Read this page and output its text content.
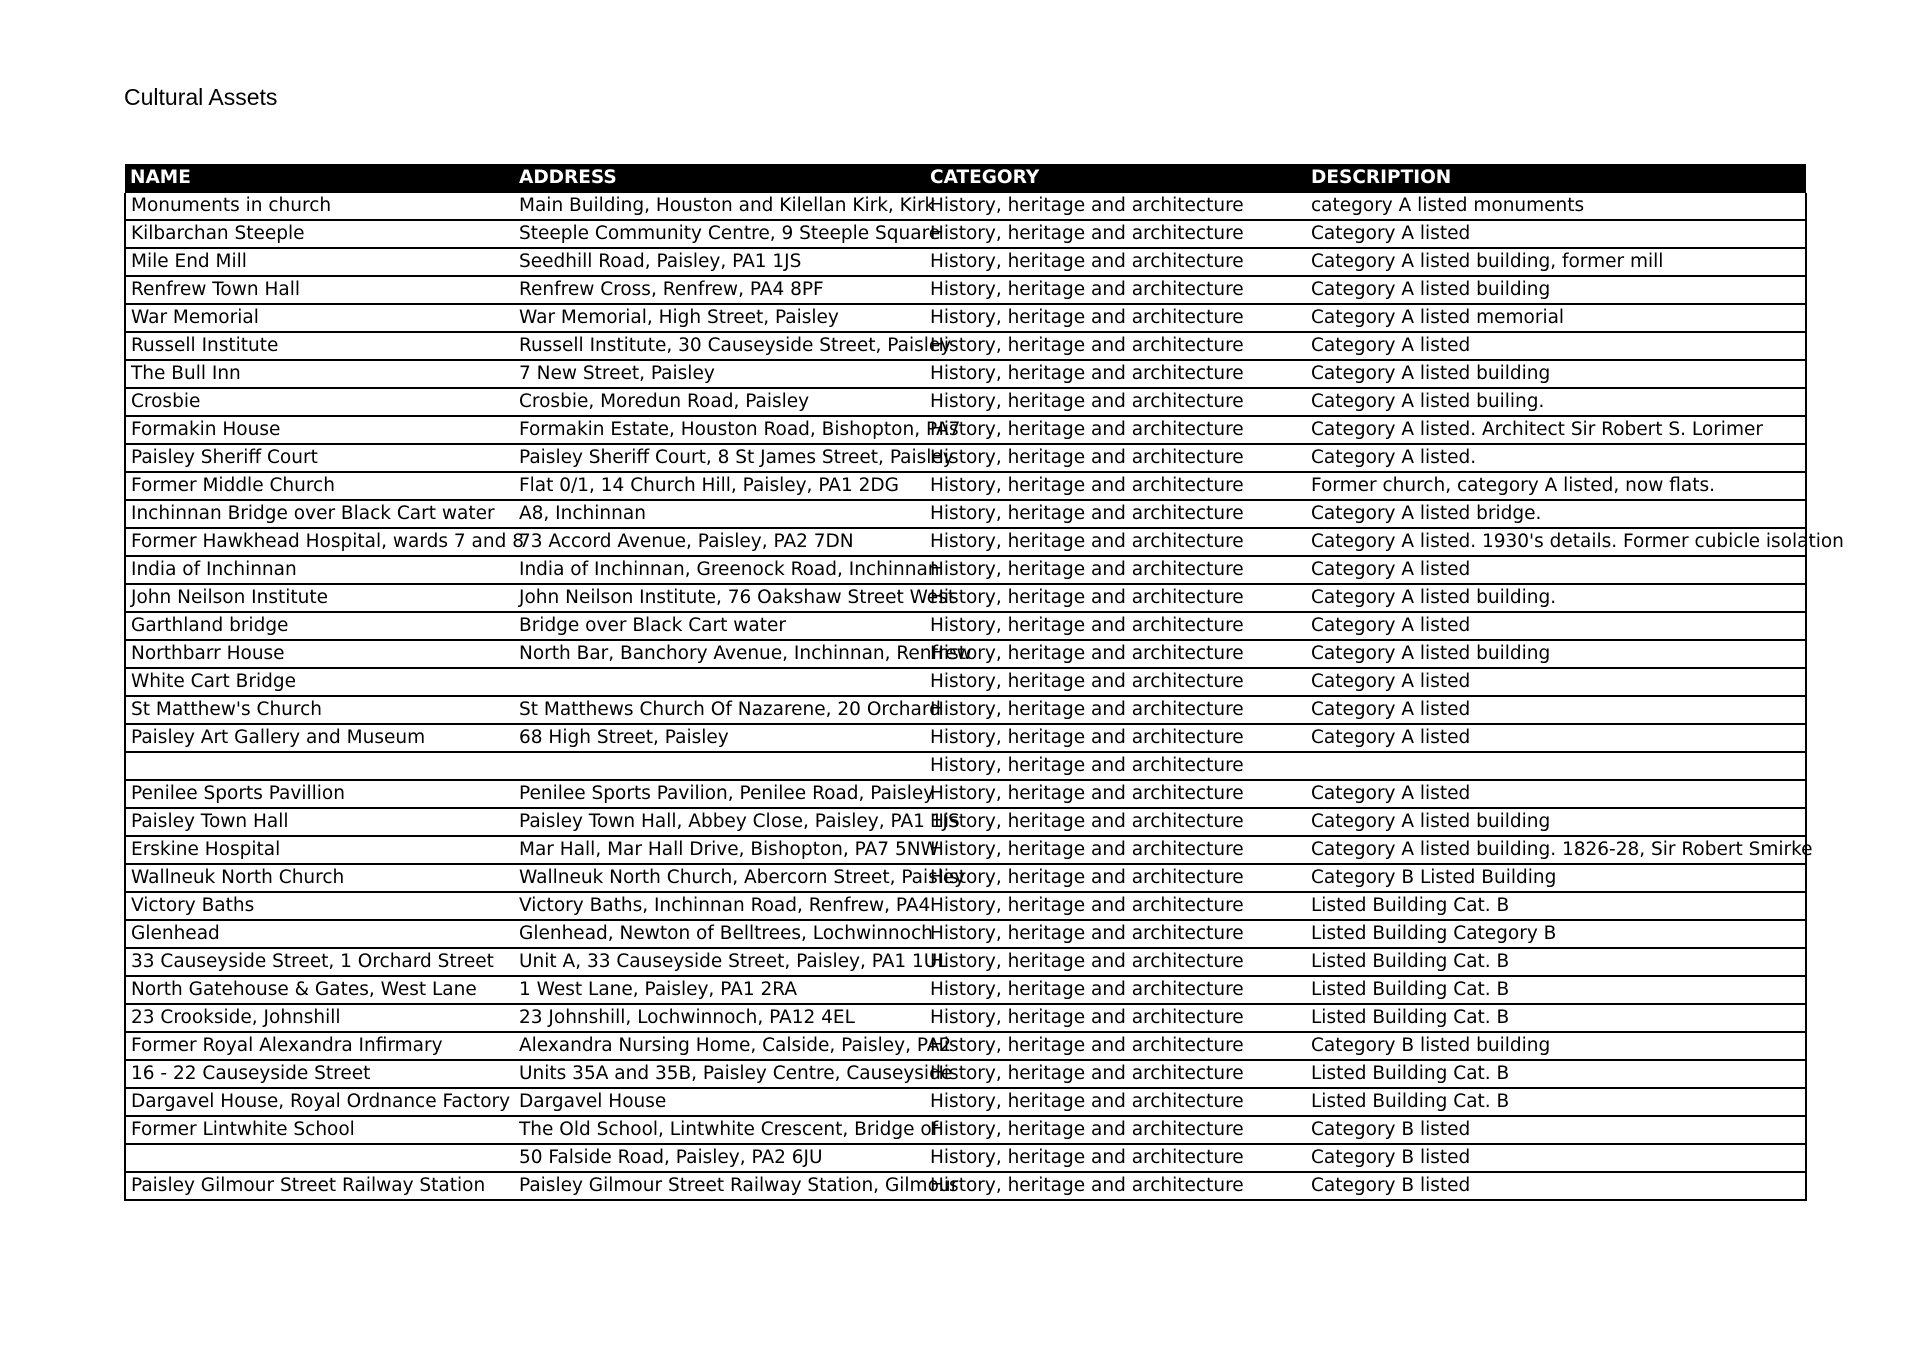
Cultural Assets
NAME	ADDRESS	CATEGORY	DESCRIPTION
Monuments in church	Main Building, Houston and Kilellan Kirk, Kirk	History, heritage and architecture	category A listed monuments
Kilbarchan Steeple	Steeple Community Centre, 9 Steeple Square	History, heritage and architecture	Category A listed
Mile End Mill	Seedhill Road, Paisley, PA1 1JS	History, heritage and architecture	Category A listed building, former mill
Renfrew Town Hall	Renfrew Cross, Renfrew, PA4 8PF	History, heritage and architecture	Category A listed building
War Memorial	War Memorial, High Street, Paisley	History, heritage and architecture	Category A listed memorial
Russell Institute	Russell Institute, 30 Causeyside Street, Paisley	History, heritage and architecture	Category A listed
The Bull Inn	7 New Street, Paisley	History, heritage and architecture	Category A listed building
Crosbie	Crosbie, Moredun Road, Paisley	History, heritage and architecture	Category A listed builing.
Formakin House	Formakin Estate, Houston Road, Bishopton, PA7	History, heritage and architecture	Category A listed. Architect Sir Robert S. Lorimer
Paisley Sheriff Court	Paisley Sheriff Court, 8 St James Street, Paisley	History, heritage and architecture	Category A listed.
Former Middle Church	Flat 0/1, 14 Church Hill, Paisley, PA1 2DG	History, heritage and architecture	Former church, category A listed, now flats.
Inchinnan Bridge over Black Cart water	A8, Inchinnan	History, heritage and architecture	Category A listed bridge.
Former Hawkhead Hospital, wards 7 and 8	73 Accord Avenue, Paisley, PA2 7DN	History, heritage and architecture	Category A listed. 1930's details. Former cubicle isolation
India of Inchinnan	India of Inchinnan, Greenock Road, Inchinnan	History, heritage and architecture	Category A listed
John Neilson Institute	John Neilson Institute, 76 Oakshaw Street West	History, heritage and architecture	Category A listed building.
Garthland bridge	Bridge over Black Cart water	History, heritage and architecture	Category A listed
Northbarr House	North Bar, Banchory Avenue, Inchinnan, Renfrew	History, heritage and architecture	Category A listed building
White Cart Bridge		History, heritage and architecture	Category A listed
St Matthew's Church	St Matthews Church Of Nazarene, 20 Orchard	History, heritage and architecture	Category A listed
Paisley Art Gallery and Museum	68 High Street, Paisley	History, heritage and architecture	Category A listed
		History, heritage and architecture	
Penilee Sports Pavillion	Penilee Sports Pavilion, Penilee Road, Paisley	History, heritage and architecture	Category A listed
Paisley Town Hall	Paisley Town Hall, Abbey Close, Paisley, PA1 1JS	History, heritage and architecture	Category A listed building
Erskine Hospital	Mar Hall, Mar Hall Drive, Bishopton, PA7 5NW	History, heritage and architecture	Category A listed building. 1826-28, Sir Robert Smirke
Wallneuk North Church	Wallneuk North Church, Abercorn Street, Paisley	History, heritage and architecture	Category B Listed Building
Victory Baths	Victory Baths, Inchinnan Road, Renfrew, PA4	History, heritage and architecture	Listed Building Cat. B
Glenhead	Glenhead, Newton of Belltrees, Lochwinnoch	History, heritage and architecture	Listed Building Category B
33 Causeyside Street, 1 Orchard Street	Unit A, 33 Causeyside Street, Paisley, PA1 1UL	History, heritage and architecture	Listed Building Cat. B
North Gatehouse & Gates, West Lane	1 West Lane, Paisley, PA1 2RA	History, heritage and architecture	Listed Building Cat. B
23 Crookside, Johnshill	23 Johnshill, Lochwinnoch, PA12 4EL	History, heritage and architecture	Listed Building Cat. B
Former Royal Alexandra Infirmary	Alexandra Nursing Home, Calside, Paisley, PA2	History, heritage and architecture	Category B listed building
16 - 22 Causeyside Street	Units 35A and 35B, Paisley Centre, Causeyside	History, heritage and architecture	Listed Building Cat. B
Dargavel House, Royal Ordnance Factory	Dargavel House	History, heritage and architecture	Listed Building Cat. B
Former Lintwhite School	The Old School, Lintwhite Crescent, Bridge of	History, heritage and architecture	Category B listed
	50 Falside Road, Paisley, PA2 6JU	History, heritage and architecture	Category B listed
Paisley Gilmour Street Railway Station	Paisley Gilmour Street Railway Station, Gilmour	History, heritage and architecture	Category B listed
